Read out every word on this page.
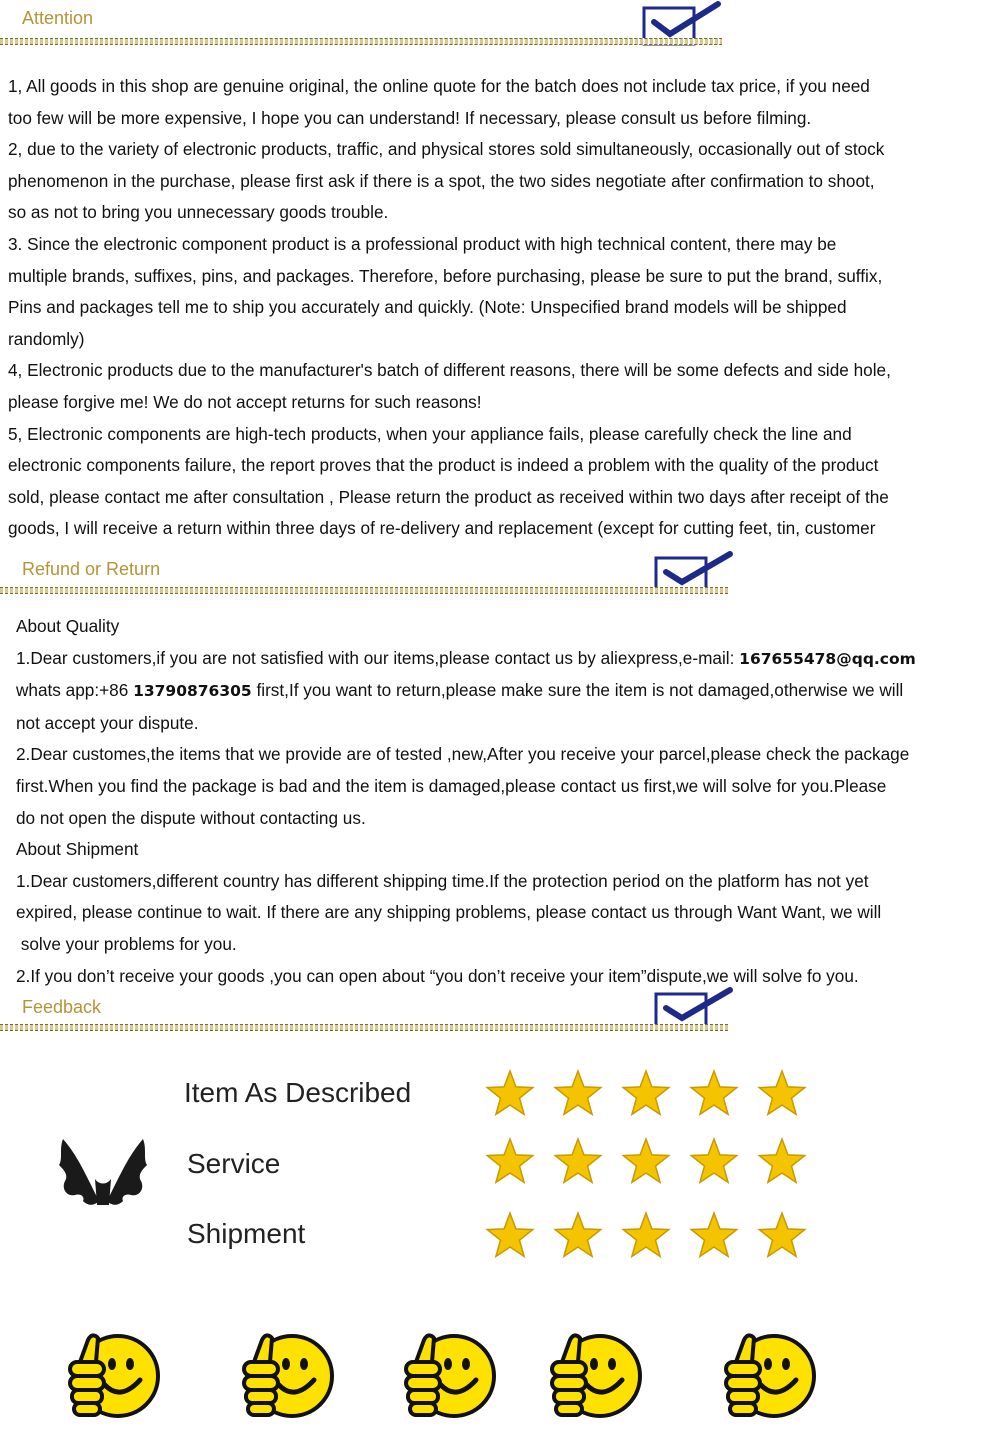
Attention

1, All goods in this shop are genuine original, the online quote for the batch does not include tax price, if you need

too few will be more expensive, I hope you can understand! If necessary, please consult us before filming.

2, due to the variety of electronic products, traffic, and physical stores sold simultaneously, occasionally out of stock

phenomenon in the purchase, please first ask if there is a spot, the two sides negotiate after confirmation to shoot,

so as not to bring you unnecessary goods trouble.

3. Since the electronic component product is a professional product with high technical content, there may be

multiple brands, suffixes, pins, and packages. Therefore, before purchasing, please be sure to put the brand, suffix,

Pins and packages tell me to ship you accurately and quickly. (Note: Unspecified brand models will be shipped

randomly)

4, Electronic products due to the manufacturer's batch of different reasons, there will be some defects and side hole,

please forgive me! We do not accept returns for such reasons!

5, Electronic components are high-tech products, when your appliance fails, please carefully check the line and

electronic components failure, the report proves that the product is indeed a problem with the quality of the product

sold, please contact me after consultation , Please return the product as received within two days after receipt of the

goods, I will receive a return within three days of re-delivery and replacement (except for cutting feet, tin, customer

Refund or Return

About Quality

1.Dear customers,if you are not satisfied with our items,please contact us by aliexpress,e-mail: 167655478@qq.com

whats app:+86 13790876305 first,If you want to return,please make sure the item is not damaged,otherwise we will

not accept your dispute.

2.Dear customes,the items that we provide are of tested ,new,After you receive your parcel,please check the package

first.When you find the package is bad and the item is damaged,please contact us first,we will solve for you.Please

do not open the dispute without contacting us.

About Shipment

1.Dear customers,different country has different shipping time.If the protection period on the platform has not yet

expired, please continue to wait. If there are any shipping problems, please contact us through Want Want, we will

solve your problems for you.

2.If you don’t receive your goods ,you can open about “you don’t receive your item”dispute,we will solve fo you.

Feedback
Item As Described
Service
Shipment
